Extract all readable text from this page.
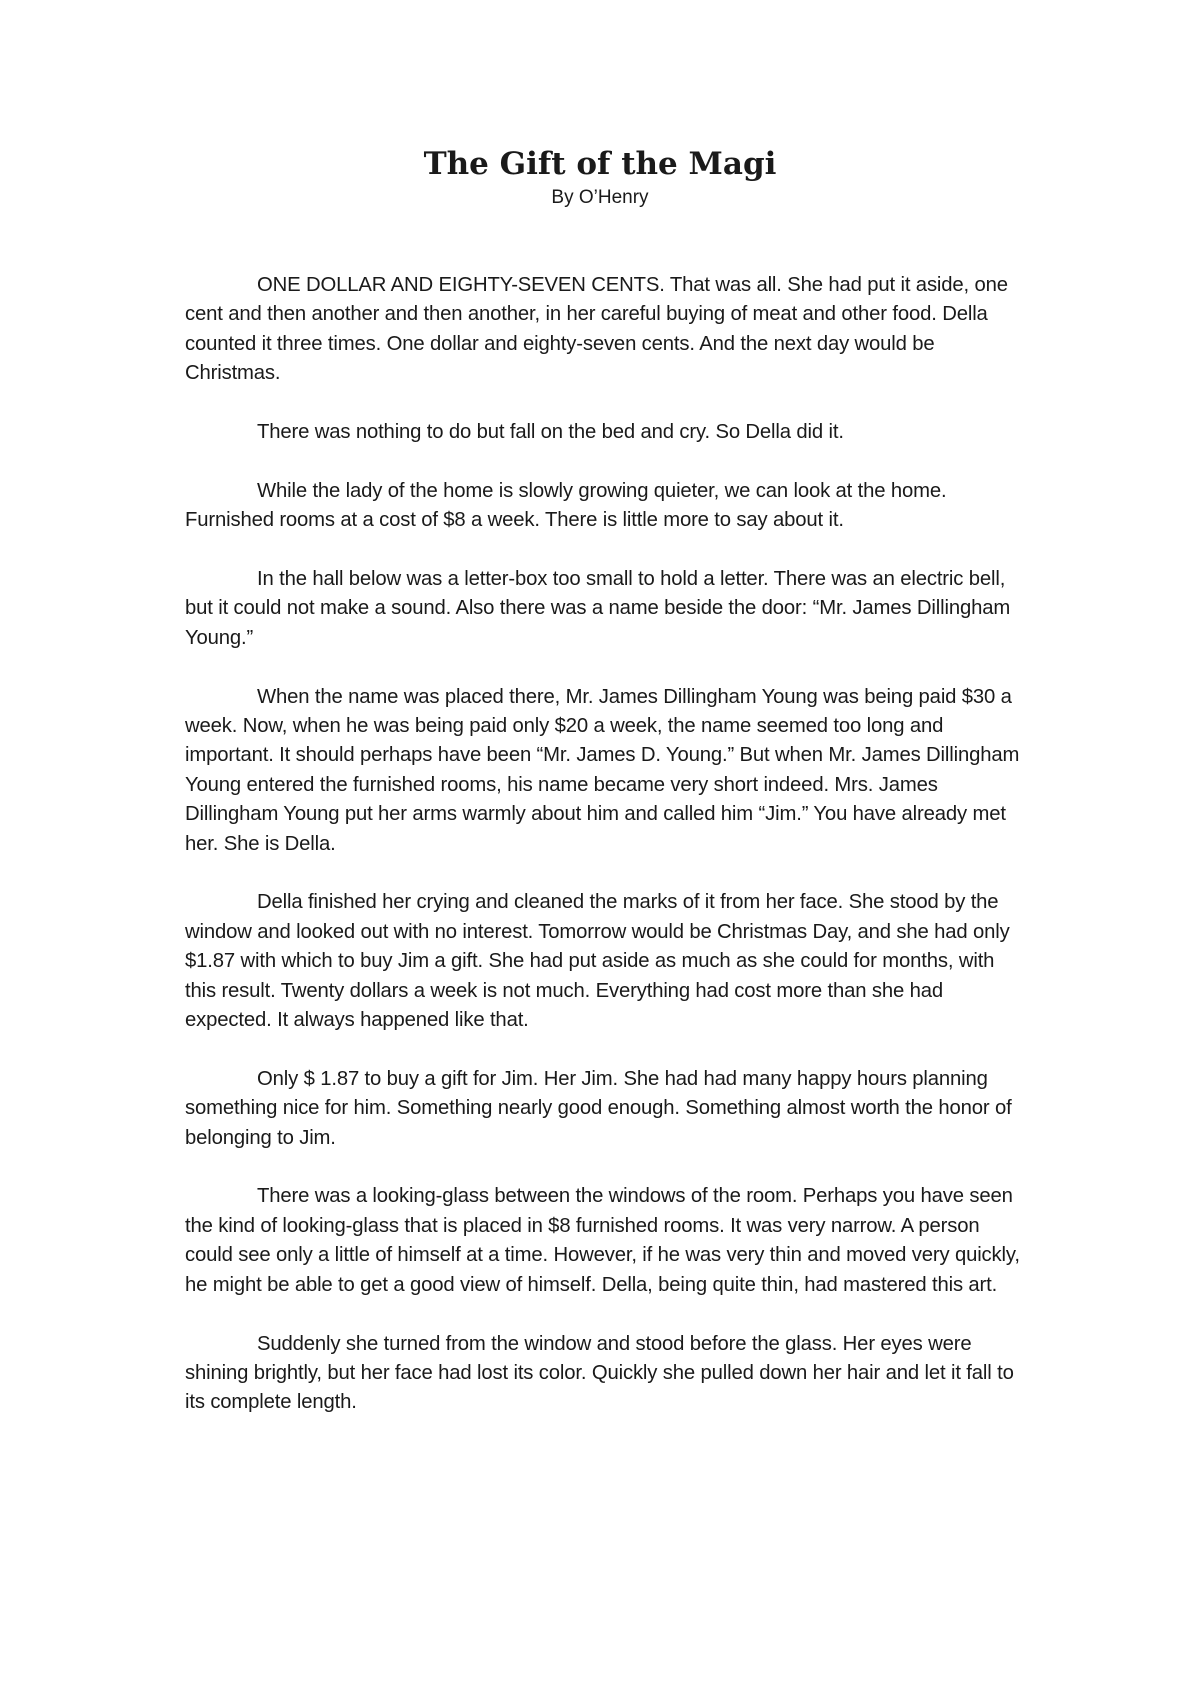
The Gift of the Magi
By O’Henry

ONE DOLLAR AND EIGHTY-SEVEN CENTS. That was all. She had put it aside, one cent and then another and then another, in her careful buying of meat and other food. Della counted it three times. One dollar and eighty-seven cents. And the next day would be Christmas.

There was nothing to do but fall on the bed and cry. So Della did it.

While the lady of the home is slowly growing quieter, we can look at the home. Furnished rooms at a cost of $8 a week. There is little more to say about it.

In the hall below was a letter-box too small to hold a letter. There was an electric bell, but it could not make a sound. Also there was a name beside the door: “Mr. James Dillingham Young.”

When the name was placed there, Mr. James Dillingham Young was being paid $30 a week. Now, when he was being paid only $20 a week, the name seemed too long and important. It should perhaps have been “Mr. James D. Young.” But when Mr. James Dillingham Young entered the furnished rooms, his name became very short indeed. Mrs. James Dillingham Young put her arms warmly about him and called him “Jim.” You have already met her. She is Della.

Della finished her crying and cleaned the marks of it from her face. She stood by the window and looked out with no interest. Tomorrow would be Christmas Day, and she had only $1.87 with which to buy Jim a gift. She had put aside as much as she could for months, with this result. Twenty dollars a week is not much. Everything had cost more than she had expected. It always happened like that.

Only $ 1.87 to buy a gift for Jim. Her Jim. She had had many happy hours planning something nice for him. Something nearly good enough. Something almost worth the honor of belonging to Jim.

There was a looking-glass between the windows of the room. Perhaps you have seen the kind of looking-glass that is placed in $8 furnished rooms. It was very narrow. A person could see only a little of himself at a time. However, if he was very thin and moved very quickly, he might be able to get a good view of himself. Della, being quite thin, had mastered this art.

Suddenly she turned from the window and stood before the glass. Her eyes were shining brightly, but her face had lost its color. Quickly she pulled down her hair and let it fall to its complete length.
